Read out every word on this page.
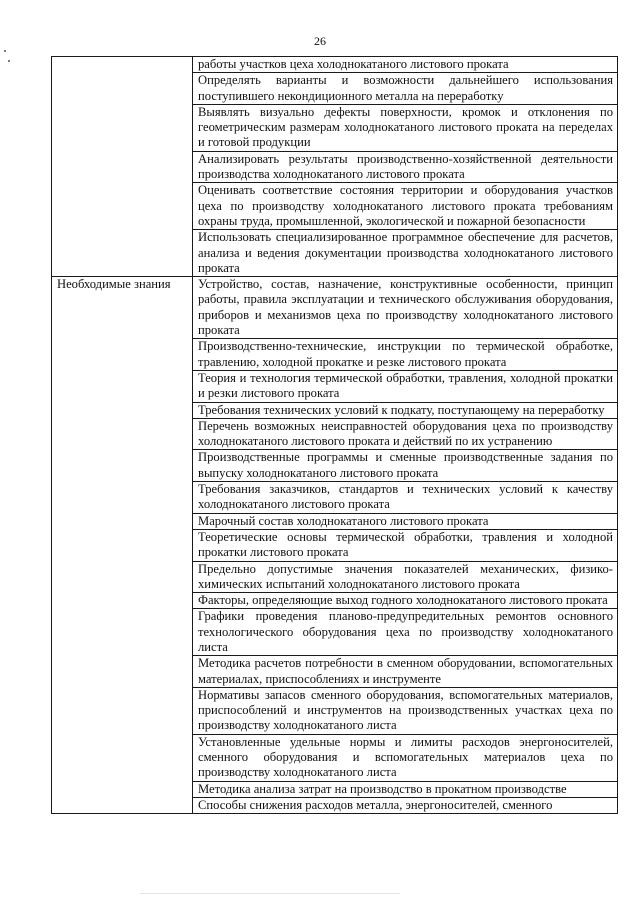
26
	работы участков цеха холоднокатаного листового проката
	Определять варианты и возможности дальнейшего использования поступившего некондиционного металла на переработку
	Выявлять визуально дефекты поверхности, кромок и отклонения по геометрическим размерам холоднокатаного листового проката на переделах и готовой продукции
	Анализировать результаты производственно-хозяйственной деятельности производства холоднокатаного листового проката
	Оценивать соответствие состояния территории и оборудования участков цеха по производству холоднокатаного листового проката требованиям охраны труда, промышленной, экологической и пожарной безопасности
	Использовать специализированное программное обеспечение для расчетов, анализа и ведения документации производства холоднокатаного листового проката
Необходимые знания	Устройство, состав, назначение, конструктивные особенности, принцип работы, правила эксплуатации и технического обслуживания оборудования, приборов и механизмов цеха по производству холоднокатаного листового проката
	Производственно-технические, инструкции по термической обработке, травлению, холодной прокатке и резке листового проката
	Теория и технология термической обработки, травления, холодной прокатки и резки листового проката
	Требования технических условий к подкату, поступающему на переработку
	Перечень возможных неисправностей оборудования цеха по производству холоднокатаного листового проката и действий по их устранению
	Производственные программы и сменные производственные задания по выпуску холоднокатаного листового проката
	Требования заказчиков, стандартов и технических условий к качеству холоднокатаного листового проката
	Марочный состав холоднокатаного листового проката
	Теоретические основы термической обработки, травления и холодной прокатки листового проката
	Предельно допустимые значения показателей механических, физико-химических испытаний холоднокатаного листового проката
	Факторы, определяющие выход годного холоднокатаного листового проката
	Графики проведения планово-предупредительных ремонтов основного технологического оборудования цеха по производству холоднокатаного листа
	Методика расчетов потребности в сменном оборудовании, вспомогательных материалах, приспособлениях и инструменте
	Нормативы запасов сменного оборудования, вспомогательных материалов, приспособлений и инструментов на производственных участках цеха по производству холоднокатаного листа
	Установленные удельные нормы и лимиты расходов энергоносителей, сменного оборудования и вспомогательных материалов цеха по производству холоднокатаного листа
	Методика анализа затрат на производство в прокатном производстве
	Способы снижения расходов металла, энергоносителей, сменного
